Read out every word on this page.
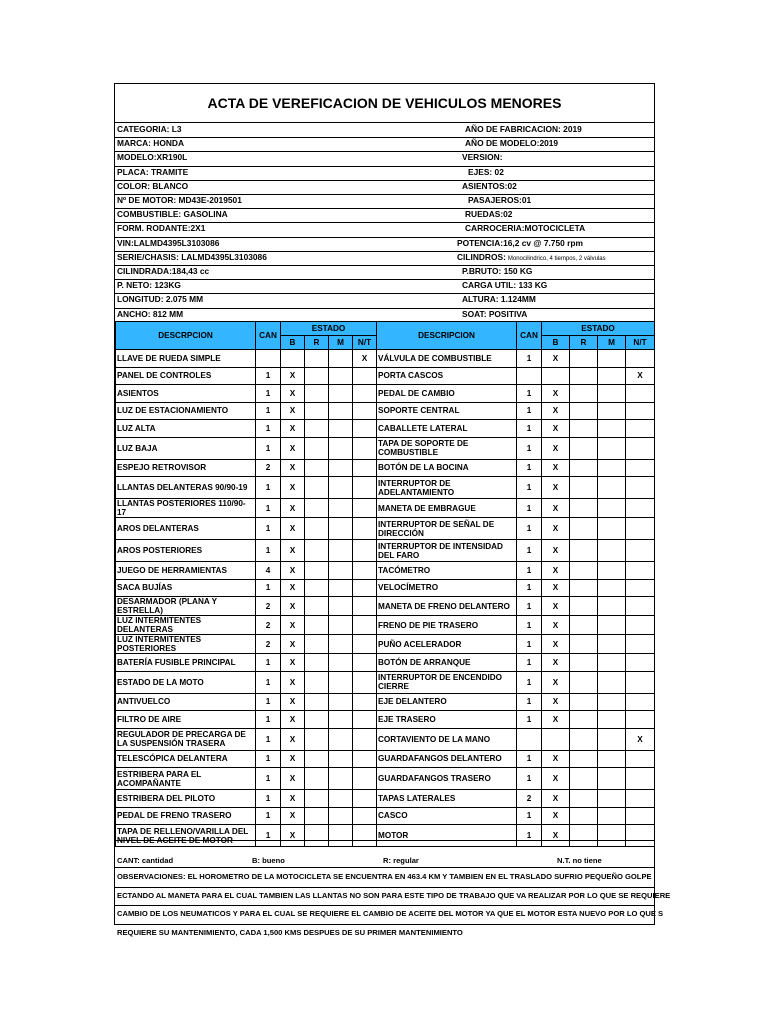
ACTA DE VEREFICACION DE VEHICULOS MENORES
CATEGORIA: L3	AÑO DE FABRICACION: 2019
MARCA: HONDA	AÑO DE MODELO:2019
MODELO:XR190L	VERSION:
PLACA: TRAMITE	EJES: 02
COLOR: BLANCO	ASIENTOS:02
Nº DE MOTOR: MD43E-2019501	PASAJEROS:01
COMBUSTIBLE: GASOLINA	RUEDAS:02
FORM. RODANTE:2X1	CARROCERIA:MOTOCICLETA
VIN:LALMD4395L3103086	POTENCIA:16,2 cv @ 7.750 rpm
SERIE/CHASIS: LALMD4395L3103086	CILINDROS: Monocilindrico, 4 tiempos, 2 válvulas
CILINDRADA:184,43 cc	P.BRUTO: 150 KG
P. NETO: 123KG	CARGA UTIL: 133 KG
LONGITUD: 2.075 MM	ALTURA: 1.124MM
ANCHO: 812 MM	SOAT: POSITIVA
DESCRPCION	CAN	ESTADO				DESCRIPCION	CAN	ESTADO			
		B	R	M	N/T			B	R	M	N/T
LLAVE DE RUEDA SIMPLE					X	VÁLVULA DE COMBUSTIBLE	1	X			
PANEL DE CONTROLES	1	X				PORTA CASCOS					X
ASIENTOS	1	X				PEDAL DE CAMBIO	1	X			
LUZ DE ESTACIONAMIENTO	1	X				SOPORTE CENTRAL	1	X			
LUZ ALTA	1	X				CABALLETE LATERAL	1	X			
LUZ BAJA	1	X				TAPA DE SOPORTE DE COMBUSTIBLE	1	X			
ESPEJO RETROVISOR	2	X				BOTÓN DE LA BOCINA	1	X			
LLANTAS DELANTERAS 90/90-19	1	X				INTERRUPTOR DE ADELANTAMIENTO	1	X			
LLANTAS POSTERIORES 110/90-17	1	X				MANETA DE EMBRAGUE	1	X			
AROS DELANTERAS	1	X				INTERRUPTOR DE SEÑAL DE DIRECCIÓN	1	X			
AROS POSTERIORES	1	X				INTERRUPTOR DE INTENSIDAD DEL FARO	1	X			
JUEGO DE HERRAMIENTAS	4	X				TACÓMETRO	1	X			
SACA BUJÍAS	1	X				VELOCÍMETRO	1	X			
DESARMADOR (PLANA Y ESTRELLA)	2	X				MANETA DE FRENO DELANTERO	1	X			
LUZ INTERMITENTES DELANTERAS	2	X				FRENO DE PIE TRASERO	1	X			
LUZ INTERMITENTES POSTERIORES	2	X				PUÑO ACELERADOR	1	X			
BATERÍA FUSIBLE PRINCIPAL	1	X				BOTÓN DE ARRANQUE	1	X			
ESTADO DE LA MOTO	1	X				INTERRUPTOR DE ENCENDIDO CIERRE	1	X			
ANTIVUELCO	1	X				EJE DELANTERO	1	X			
FILTRO DE AIRE	1	X				EJE TRASERO	1	X			
REGULADOR DE PRECARGA DE LA SUSPENSIÓN TRASERA	1	X				CORTAVIENTO DE LA MANO					X
TELESCÓPICA DELANTERA	1	X				GUARDAFANGOS DELANTERO	1	X			
ESTRIBERA PARA EL ACOMPAÑANTE	1	X				GUARDAFANGOS TRASERO	1	X			
ESTRIBERA DEL PILOTO	1	X				TAPAS LATERALES	2	X			
PEDAL DE FRENO TRASERO	1	X				CASCO	1	X			
TAPA DE RELLENO/VARILLA DEL NIVEL DE ACEITE DE MOTOR	1	X				MOTOR	1	X			
CANT: cantidad	B: bueno	R: regular	N.T. no tiene
OBSERVACIONES: EL HOROMETRO DE LA MOTOCICLETA SE ENCUENTRA EN 463.4 KM Y TAMBIEN EN EL TRASLADO SUFRIO PEQUEÑO GOLPE
ECTANDO AL MANETA PARA EL CUAL TAMBIEN LAS LLANTAS NO SON PARA ESTE TIPO DE TRABAJO QUE VA REALIZAR POR LO QUE SE REQUIERE
CAMBIO DE LOS NEUMATICOS Y PARA EL CUAL SE REQUIERE EL CAMBIO DE ACEITE DEL MOTOR YA QUE EL MOTOR ESTA NUEVO POR LO QUE S
REQUIERE SU MANTENIMIENTO, CADA 1,500 KMS DESPUES DE SU PRIMER MANTENIMIENTO
